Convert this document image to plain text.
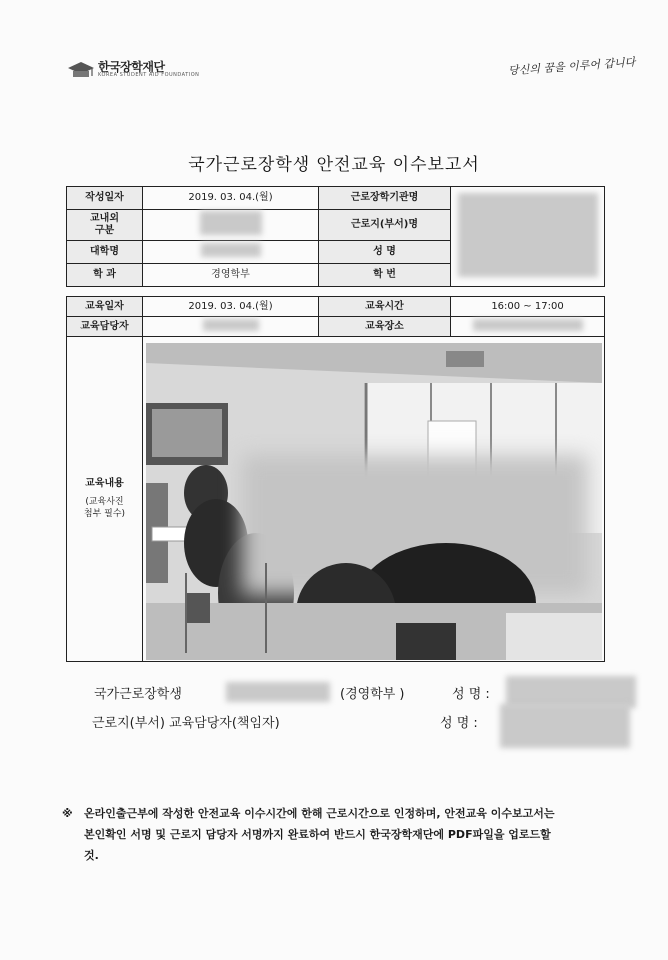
한국장학재단
KOREA STUDENT AID FOUNDATION	당신의 꿈을 이루어 갑니다
국가근로장학생 안전교육 이수보고서
작성일자	2019. 03. 04.(월)	근로장학기관명	

교내외
구분		근로지(부서)명	
대학명		성 명	
학 과	경영학부	학 번	
교육일자	2019. 03. 04.(월)	교육시간	16:00 ~ 17:00
교육담당자		교육장소	

교육내용
(교육사진
첨부 필수)			

국가근로장학생	(경영학부 )	성 명 :
근로지(부서) 교육담당자(책임자)	성 명 :
※	온라인출근부에 작성한 안전교육 이수시간에 한해 근로시간으로 인정하며, 안전교육 이수보고서는
본인확인 서명 및 근로지 담당자 서명까지 완료하여 반드시 한국장학재단에 PDF파일을 업로드할
것.
